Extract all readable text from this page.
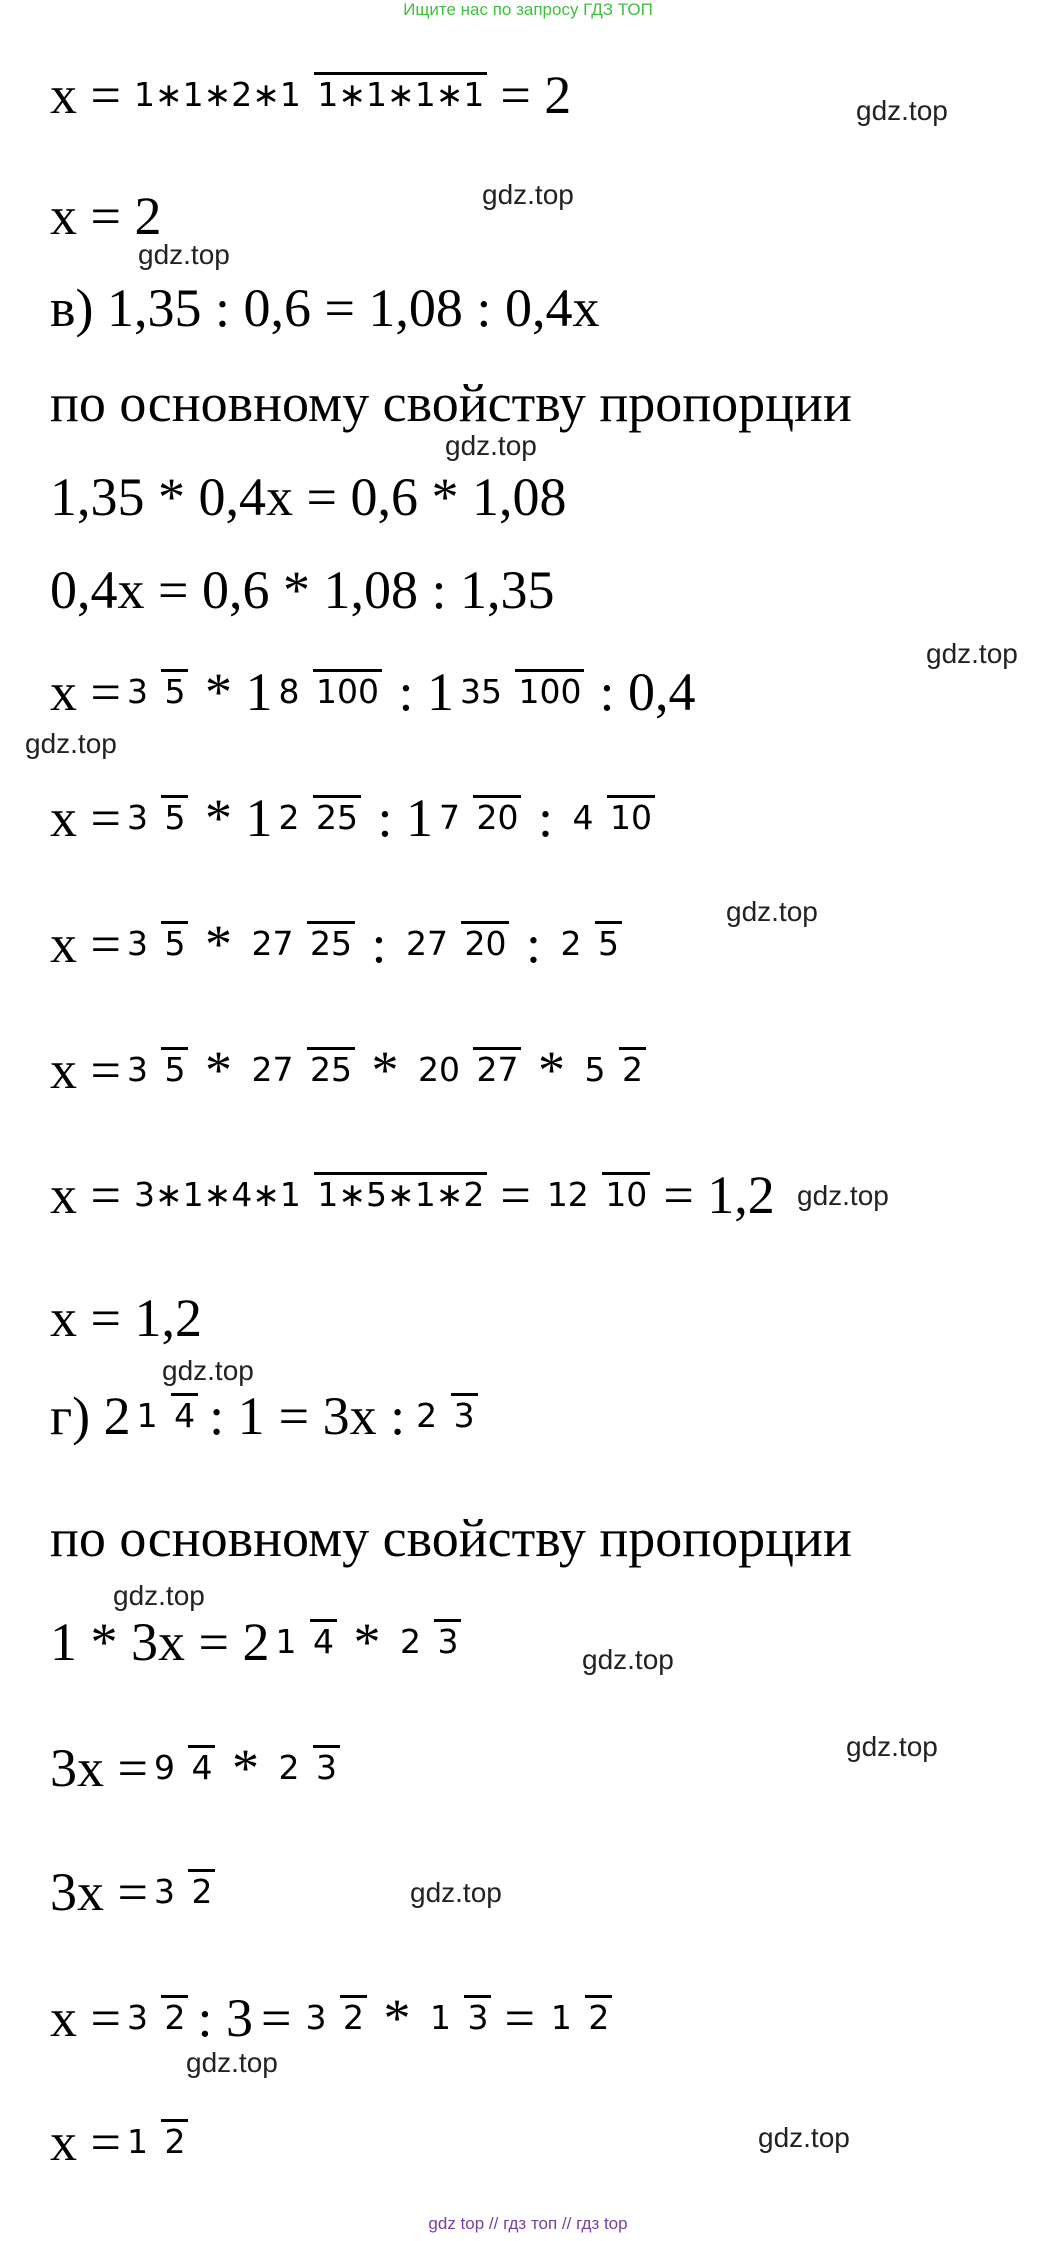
Ищите нас по запросу ГДЗ ТОП
gdz.top
gdz.top
gdz.top
gdz.top
gdz.top
gdz.top
gdz.top
gdz.top
gdz.top
gdz.top
gdz.top
gdz.top
gdz.top
gdz.top
gdz.top
x = 1∗1∗2∗1 1∗1∗1∗1 = 2
x = 2
в) 1,35 : 0,6 = 1,08 : 0,4x
по основному свойству пропорции
1,35 * 0,4x = 0,6 * 1,08
0,4x = 0,6 * 1,08 : 1,35
x = 3 5 * 1 8 100 : 1 35 100 : 0,4
x = 3 5 * 1 2 25 : 1 7 20 : 4 10
x = 3 5 * 27 25 : 27 20 : 2 5
x = 3 5 * 27 25 * 20 27 * 5 2
x = 3∗1∗4∗1 1∗5∗1∗2 = 12 10 = 1,2
x = 1,2
г) 2 1 4 : 1 = 3x : 2 3
по основному свойству пропорции
1 * 3x = 2 1 4 * 2 3
3x = 9 4 * 2 3
3x = 3 2
x = 3 2 : 3 = 3 2 * 1 3 = 1 2
x = 1 2
gdz top // гдз топ // гдз top
